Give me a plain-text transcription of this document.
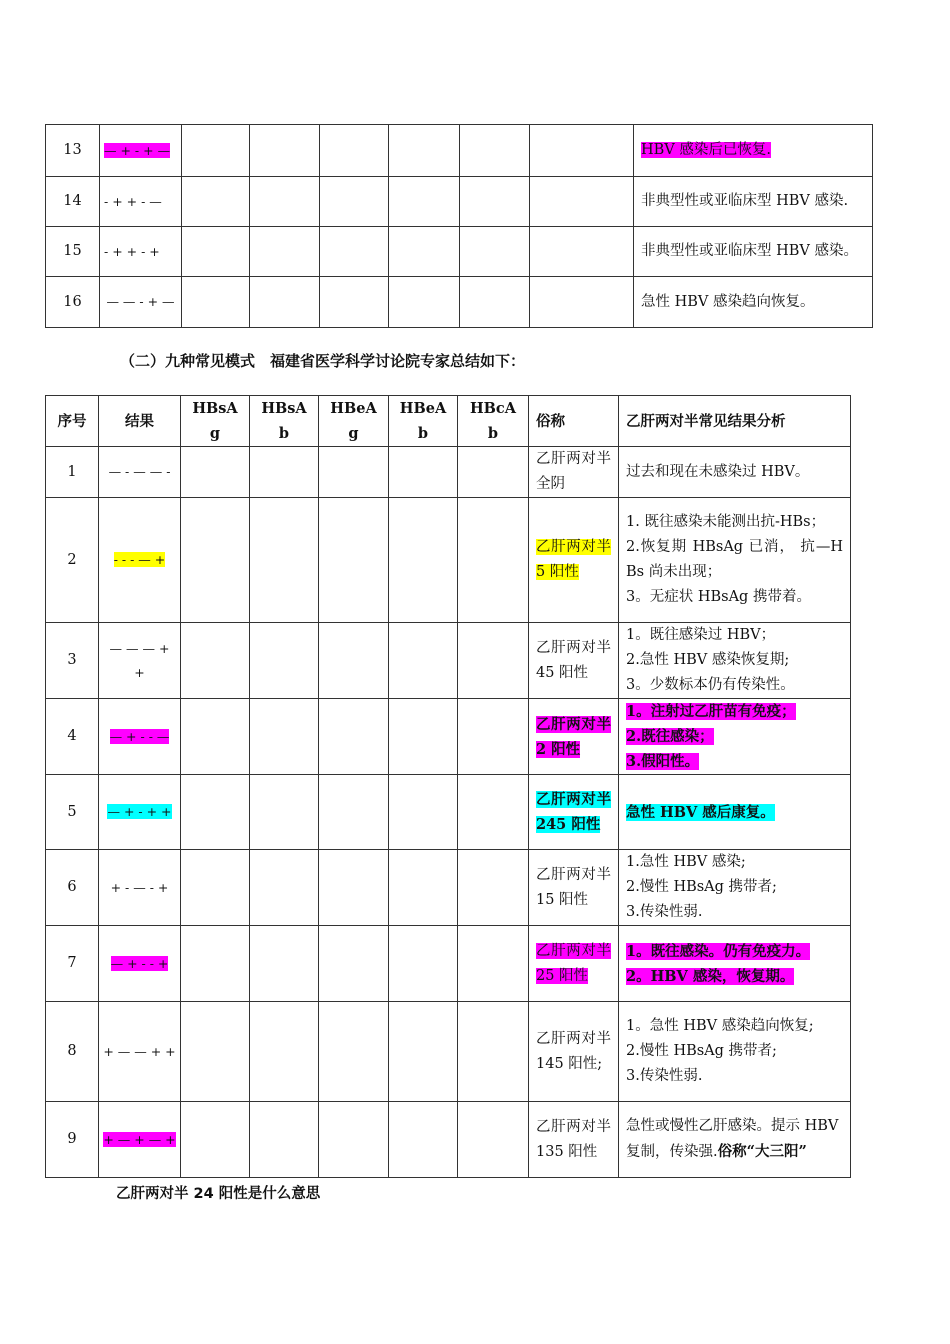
13	— + - + —							HBV 感染后已恢复.
14	- + + - —							非典型性或亚临床型 HBV 感染.
15	- + + - +							非典型性或亚临床型 HBV 感染。
16	— — - + —							急性 HBV 感染趋向恢复。
（二）九种常见模式　福建省医学科学讨论院专家总结如下：
序号	结果	HBsAg	HBsAb	HBeAg	HBeAb	HBcAb	俗称	乙肝两对半常见结果分析
1	— - — — -						乙肝两对半全阴	过去和现在未感染过 HBV。

2	- - - — +						乙肝两对半 5 阳性	1. 既往感染未能测出抗-HBs；
2.恢复期 HBsAg 已消， 抗—HBs 尚未出现；
3。无症状 HBsAg 携带着。

3	— — — + +						乙肝两对半 45 阳性	1。既往感染过 HBV；
2.急性 HBV 感染恢复期;
3。少数标本仍有传染性。

4	— + - - —						乙肝两对半 2 阳性	1。注射过乙肝苗有免疫；
2.既往感染；
3.假阳性。

5	— + - + +						乙肝两对半 245 阳性	急性 HBV 感后康复。
6	+ - — - +						乙肝两对半 15 阳性	1.急性 HBV 感染;
2.慢性 HBsAg 携带者;
3.传染性弱.

7	— + - - +						乙肝两对半 25 阳性	1。既往感染。仍有免疫力。
2。HBV 感染，恢复期。

8	+ — — + +						乙肝两对半 145 阳性;	1。急性 HBV 感染趋向恢复;
2.慢性 HBsAg 携带者;
3.传染性弱.

9	+ — + — +						乙肝两对半 135 阳性	急性或慢性乙肝感染。提示 HBV 复制，传染强.俗称“大三阳”
乙肝两对半 24 阳性是什么意思
